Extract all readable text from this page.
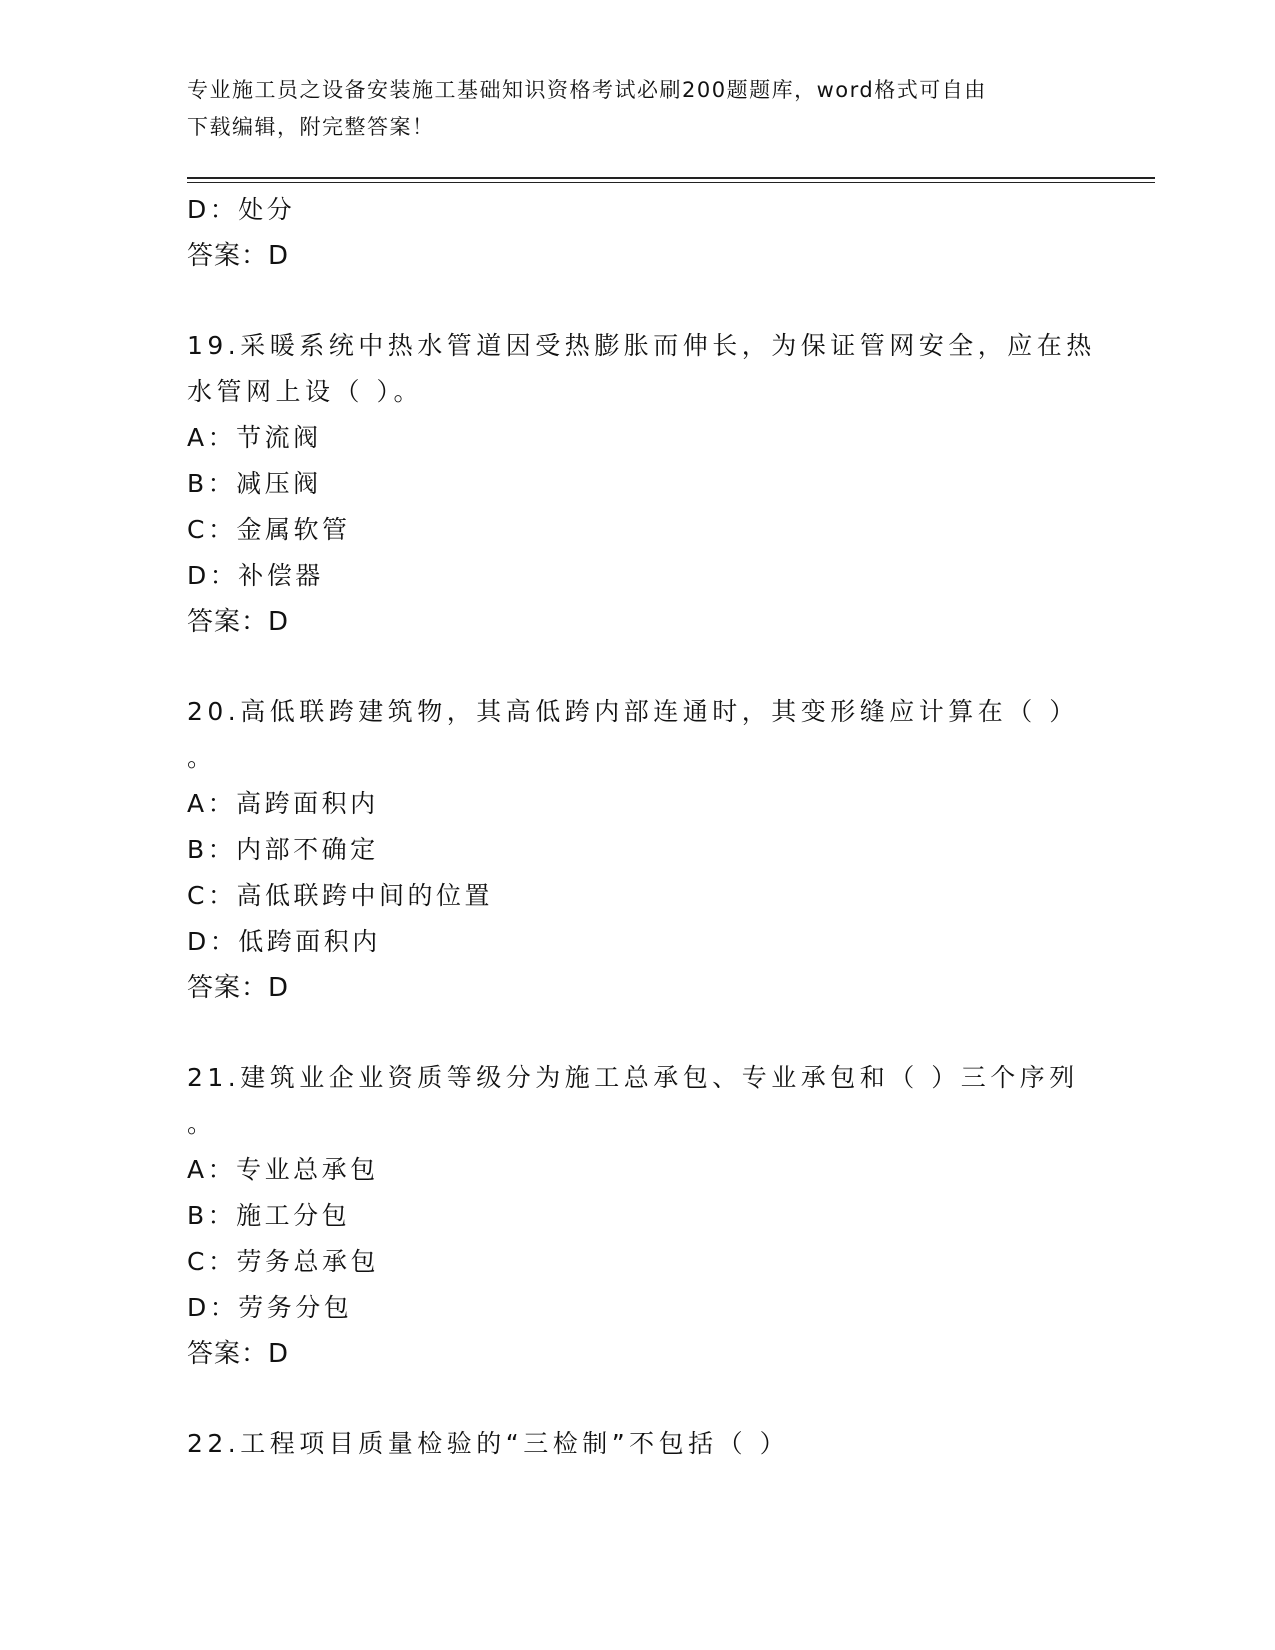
专业施工员之设备安装施工基础知识资格考试必刷200题题库，word格式可自由
下载编辑，附完整答案！
D：处分
答案：D
19.采暖系统中热水管道因受热膨胀而伸长，为保证管网安全，应在热
水管网上设（ ）。
A：节流阀
B：减压阀
C：金属软管
D：补偿器
答案：D
20.高低联跨建筑物，其高低跨内部连通时，其变形缝应计算在（ ）
。
A：高跨面积内
B：内部不确定
C：高低联跨中间的位置
D：低跨面积内
答案：D
21.建筑业企业资质等级分为施工总承包、专业承包和（ ）三个序列
。
A：专业总承包
B：施工分包
C：劳务总承包
D：劳务分包
答案：D
22.工程项目质量检验的“三检制”不包括（ ）
